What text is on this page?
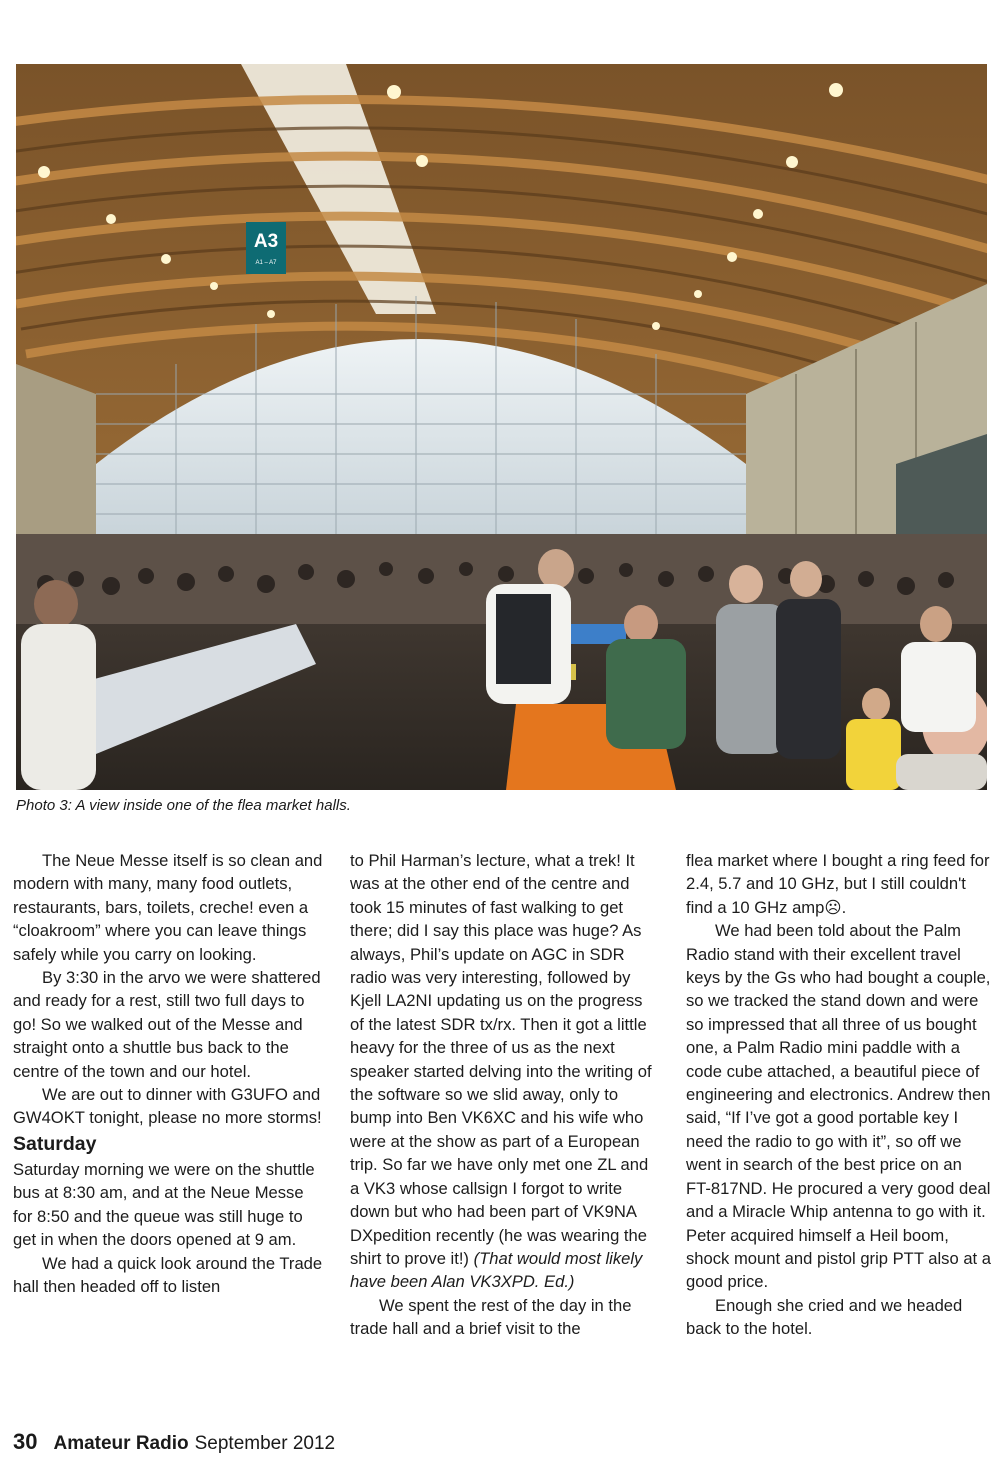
A3
A1 – A7
Photo 3: A view inside one of the flea market halls.

The Neue Messe itself is so clean and modern with many, many food outlets, restaurants, bars, toilets, creche! even a “cloakroom” where you can leave things safely while you carry on looking.

By 3:30 in the arvo we were shattered and ready for a rest, still two full days to go! So we walked out of the Messe and straight onto a shuttle bus back to the centre of the town and our hotel.

We are out to dinner with G3UFO and GW4OKT tonight, please no more storms!

Saturday

Saturday morning we were on the shuttle bus at 8:30 am, and at the Neue Messe for 8:50 and the queue was still huge to get in when the doors opened at 9 am.

We had a quick look around the Trade hall then headed off to listen

to Phil Harman’s lecture, what a trek! It was at the other end of the centre and took 15 minutes of fast walking to get there; did I say this place was huge? As always, Phil’s update on AGC in SDR radio was very interesting, followed by Kjell LA2NI updating us on the progress of the latest SDR tx/rx. Then it got a little heavy for the three of us as the next speaker started delving into the writing of the software so we slid away, only to bump into Ben VK6XC and his wife who were at the show as part of a European trip. So far we have only met one ZL and a VK3 whose callsign I forgot to write down but who had been part of VK9NA DXpedition recently (he was wearing the shirt to prove it!) (That would most likely have been Alan VK3XPD. Ed.)

We spent the rest of the day in the trade hall and a brief visit to the

flea market where I bought a ring feed for 2.4, 5.7 and 10 GHz, but I still couldn't find a 10 GHz amp☹.

We had been told about the Palm Radio stand with their excellent travel keys by the Gs who had bought a couple, so we tracked the stand down and were so impressed that all three of us bought one, a Palm Radio mini paddle with a code cube attached, a beautiful piece of engineering and electronics. Andrew then said, “If I’ve got a good portable key I need the radio to go with it”, so off we went in search of the best price on an FT-817ND. He procured a very good deal and a Miracle Whip antenna to go with it. Peter acquired himself a Heil boom, shock mount and pistol grip PTT also at a good price.

Enough she cried and we headed back to the hotel.

30 Amateur Radio September 2012
